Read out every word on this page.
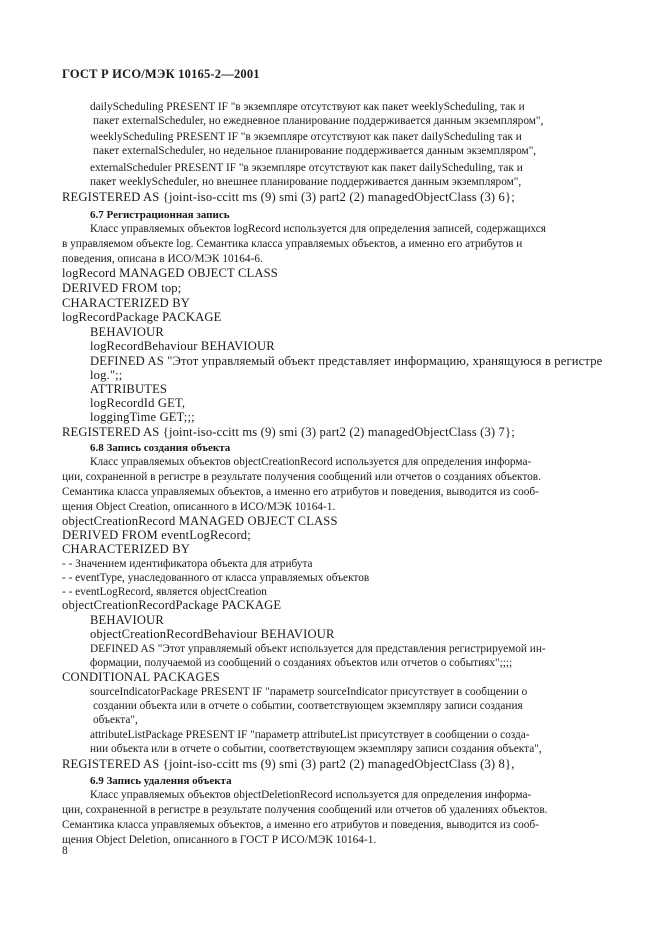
ГОСТ Р ИСО/МЭК 10165-2—2001
dailyScheduling PRESENT IF "в экземпляре отсутствуют как пакет weeklyScheduling, так и
пакет externalScheduler, но ежедневное планирование поддерживается данным экземпляром",
weeklyScheduling PRESENT IF "в экземпляре отсутствуют как пакет dailyScheduling так и
пакет externalScheduler, но недельное планирование поддерживается данным экземпляром",
externalScheduler PRESENT IF "в экземпляре отсутствуют как пакет dailyScheduling, так и
пакет weeklyScheduler, но внешнее планирование поддерживается данным экземпляром",
REGISTERED AS {joint-iso-ccitt ms (9) smi (3) part2 (2) managedObjectClass (3) 6};
6.7 Регистрационная запись
Класс управляемых объектов logRecord используется для определения записей, содержащихся
в управляемом объекте log. Семантика класса управляемых объектов, а именно его атрибутов и
поведения, описана в ИСО/МЭК 10164-6.
logRecord MANAGED OBJECT CLASS
DERIVED FROM top;
CHARACTERIZED BY
logRecordPackage PACKAGE
BEHAVIOUR
logRecordBehaviour BEHAVIOUR
DEFINED AS "Этот управляемый объект представляет информацию, хранящуюся в регистре
log.";;
ATTRIBUTES
logRecordId GET,
loggingTime GET;;;
REGISTERED AS {joint-iso-ccitt ms (9) smi (3) part2 (2) managedObjectClass (3) 7};
6.8 Запись создания объекта
Класс управляемых объектов objectCreationRecord используется для определения информа-
ции, сохраненной в регистре в результате получения сообщений или отчетов о созданиях объектов.
Семантика класса управляемых объектов, а именно его атрибутов и поведения, выводится из сооб-
щения Object Creation, описанного в ИСО/МЭК 10164-1.
objectCreationRecord MANAGED OBJECT CLASS
DERIVED FROM eventLogRecord;
CHARACTERIZED BY
- - Значением идентификатора объекта для атрибута
- - eventType, унаследованного от класса управляемых объектов
- - eventLogRecord, является objectCreation
objectCreationRecordPackage PACKAGE
BEHAVIOUR
objectCreationRecordBehaviour BEHAVIOUR
DEFINED AS "Этот управляемый объект используется для представления регистрируемой ин-
формации, получаемой из сообщений о созданиях объектов или отчетов о событиях";;;;
CONDITIONAL PACKAGES
sourceIndicatorPackage PRESENT IF "параметр sourceIndicator присутствует в сообщении о
создании объекта или в отчете о событии, соответствующем экземпляру записи создания
объекта",
attributeListPackage PRESENT IF "параметр attributeList присутствует в сообщении о созда-
нии объекта или в отчете о событии, соответствующем экземпляру записи создания объекта",
REGISTERED AS {joint-iso-ccitt ms (9) smi (3) part2 (2) managedObjectClass (3) 8},
6.9 Запись удаления объекта
Класс управляемых объектов objectDeletionRecord используется для определения информа-
ции, сохраненной в регистре в результате получения сообщений или отчетов об удалениях объектов.
Семантика класса управляемых объектов, а именно его атрибутов и поведения, выводится из сооб-
щения Object Deletion, описанного в ГОСТ Р ИСО/МЭК 10164-1.
8
